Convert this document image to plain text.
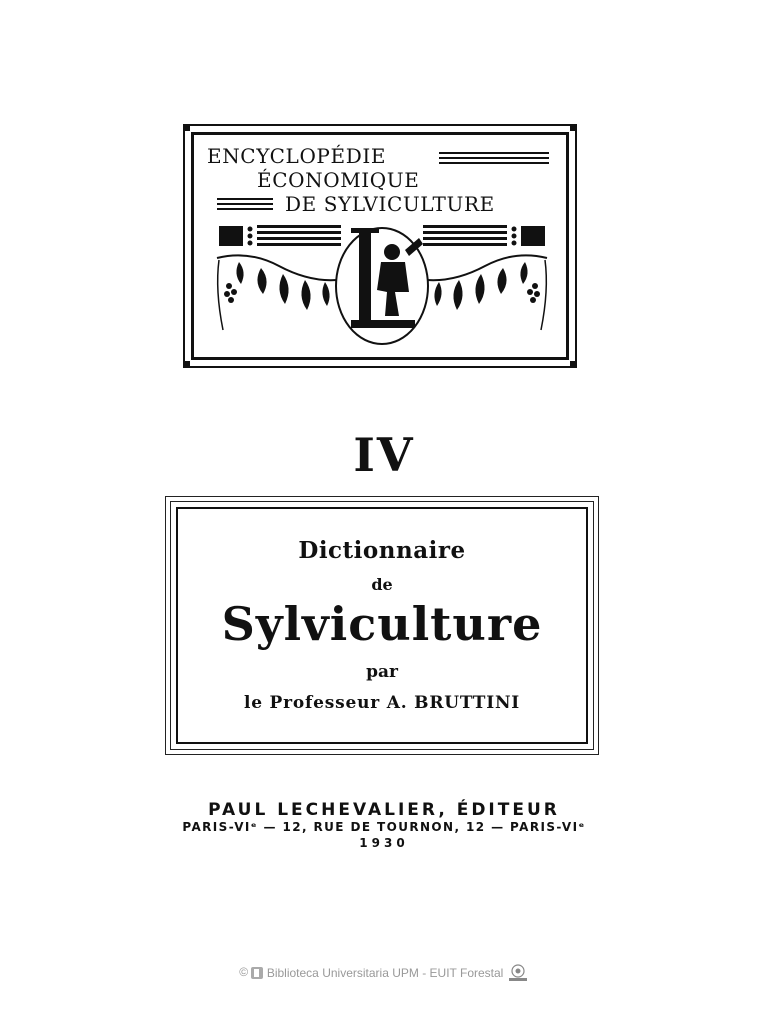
ENCYCLOPÉDIE
ÉCONOMIQUE
DE SYLVICULTURE
IV
Dictionnaire
de
Sylviculture
par
le Professeur A. BRUTTINI
PAUL LECHEVALIER, ÉDITEUR
PARIS-VIᵉ — 12, RUE DE TOURNON, 12 — PARIS-VIᵉ
1930
© Biblioteca Universitaria UPM - EUIT Forestal
